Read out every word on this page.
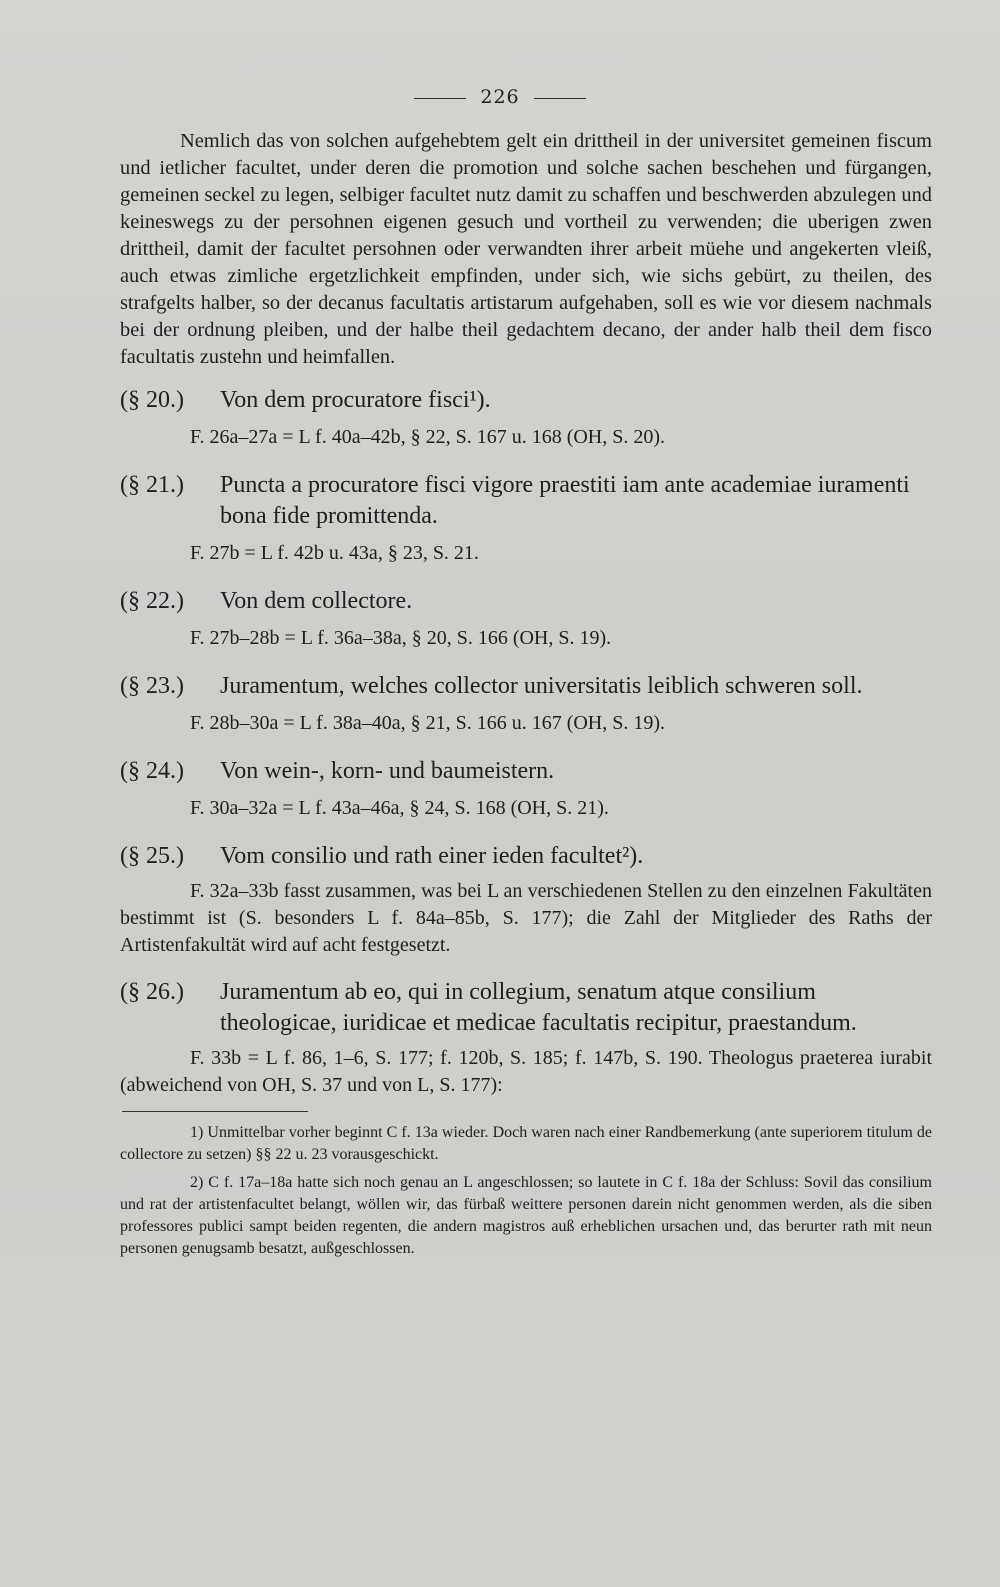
226

Nemlich das von solchen aufgehebtem gelt ein drittheil in der universitet gemeinen fiscum und ietlicher facultet, under deren die promotion und solche sachen beschehen und fürgangen, gemeinen seckel zu legen, selbiger facultet nutz damit zu schaffen und beschwerden abzulegen und keineswegs zu der persohnen eigenen gesuch und vortheil zu verwenden; die uberigen zwen drittheil, damit der facultet persohnen oder verwandten ihrer arbeit müehe und angekerten vleiß, auch etwas zimliche ergetzlichkeit empfinden, under sich, wie sichs gebürt, zu theilen, des strafgelts halber, so der decanus facultatis artistarum aufgehaben, soll es wie vor diesem nachmals bei der ordnung pleiben, und der halbe theil gedachtem decano, der ander halb theil dem fisco facultatis zustehn und heimfallen.

(§ 20.)	Von dem procuratore fisci¹).
F. 26a–27a = L f. 40a–42b, § 22, S. 167 u. 168 (OH, S. 20).
(§ 21.)	Puncta a procuratore fisci vigore praestiti iam ante academiae iuramenti bona fide promittenda.
F. 27b = L f. 42b u. 43a, § 23, S. 21.
(§ 22.)	Von dem collectore.
F. 27b–28b = L f. 36a–38a, § 20, S. 166 (OH, S. 19).
(§ 23.)	Juramentum, welches collector universitatis leiblich schweren soll.
F. 28b–30a = L f. 38a–40a, § 21, S. 166 u. 167 (OH, S. 19).
(§ 24.)	Von wein-, korn- und baumeistern.
F. 30a–32a = L f. 43a–46a, § 24, S. 168 (OH, S. 21).
(§ 25.)	Vom consilio und rath einer ieden facultet²).
F. 32a–33b fasst zusammen, was bei L an verschiedenen Stellen zu den einzelnen Fakultäten bestimmt ist (S. besonders L f. 84a–85b, S. 177); die Zahl der Mitglieder des Raths der Artistenfakultät wird auf acht festgesetzt.
(§ 26.)	Juramentum ab eo, qui in collegium, senatum atque consilium theologicae, iuridicae et medicae facultatis recipitur, praestandum.
F. 33b = L f. 86, 1–6, S. 177; f. 120b, S. 185; f. 147b, S. 190. Theologus praeterea iurabit (abweichend von OH, S. 37 und von L, S. 177):

1) Unmittelbar vorher beginnt C f. 13a wieder. Doch waren nach einer Randbemerkung (ante superiorem titulum de collectore zu setzen) §§ 22 u. 23 vorausgeschickt.

2) C f. 17a–18a hatte sich noch genau an L angeschlossen; so lautete in C f. 18a der Schluss: Sovil das consilium und rat der artistenfacultet belangt, wöllen wir, das fürbaß weittere personen darein nicht genommen werden, als die siben professores publici sampt beiden regenten, die andern magistros auß erheblichen ursachen und, das berurter rath mit neun personen genugsamb besatzt, außgeschlossen.
